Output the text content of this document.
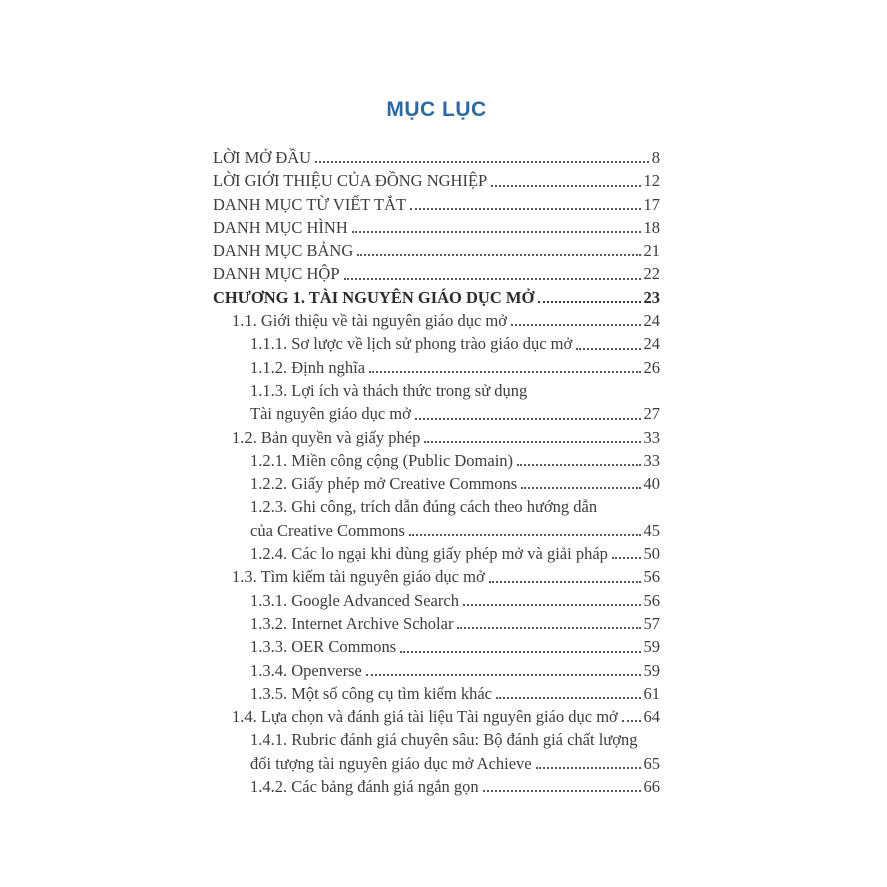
MỤC LỤC
LỜI MỞ ĐẦU	8
LỜI GIỚI THIỆU CỦA ĐỒNG NGHIỆP	12
DANH MỤC TỪ VIẾT TẮT	17
DANH MỤC HÌNH	18
DANH MỤC BẢNG	21
DANH MỤC HỘP	22
CHƯƠNG 1. TÀI NGUYÊN GIÁO DỤC MỞ	23
1.1. Giới thiệu về tài nguyên giáo dục mở	24
1.1.1. Sơ lược về lịch sử phong trào giáo dục mở	24
1.1.2. Định nghĩa	26
1.1.3. Lợi ích và thách thức trong sử dụng
Tài nguyên giáo dục mở	27
1.2. Bản quyền và giấy phép	33
1.2.1. Miền công cộng (Public Domain)	33
1.2.2. Giấy phép mở Creative Commons	40
1.2.3. Ghi công, trích dẫn đúng cách theo hướng dẫn
của Creative Commons	45
1.2.4. Các lo ngại khi dùng giấy phép mở và giải pháp 50
1.3. Tìm kiếm tài nguyên giáo dục mở	56
1.3.1. Google Advanced Search	56
1.3.2. Internet Archive Scholar	57
1.3.3. OER Commons	59
1.3.4. Openverse	59
1.3.5. Một số công cụ tìm kiếm khác	61
1.4. Lựa chọn và đánh giá tài liệu Tài nguyên giáo dục mở 64
1.4.1. Rubric đánh giá chuyên sâu: Bộ đánh giá chất lượng
đối tượng tài nguyên giáo dục mở Achieve	65
1.4.2. Các bảng đánh giá ngắn gọn	66
